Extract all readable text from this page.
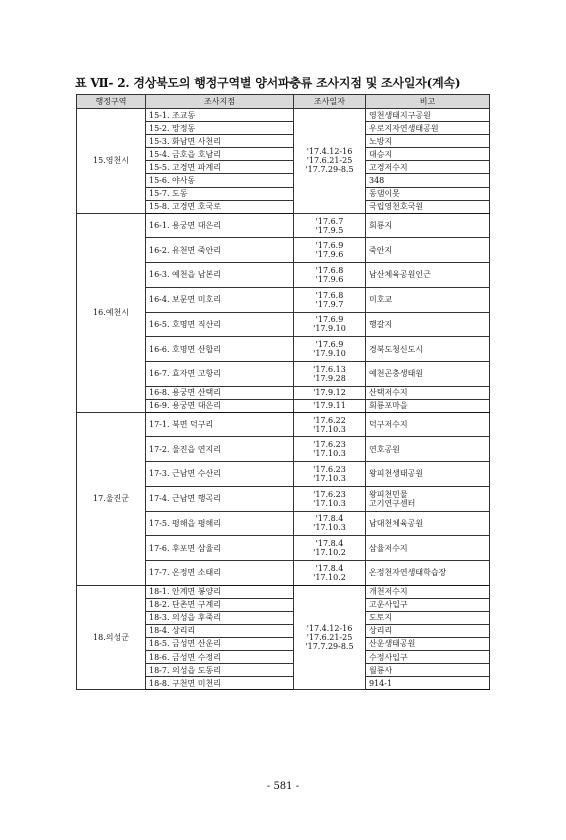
표 Ⅶ- 2. 경상북도의 행정구역별 양서파충류 조사지점 및 조사일자(계속)
행정구역	조사지점	조사일자	비고
15.영천시	15-1. 조교동	'17.4.12-16
'17.6.21-25
'17.7.29-8.5	영천생태지구공원
	15-2. 망정동		우로지자연생태공원
	15-3. 화남면 사천리		노방지
	15-4. 금호읍 호남리		대승지
	15-5. 고경면 파계리		고경저수지
	15-6. 야사동		348
	15-7. 도동		동댐이못
	15-8. 고경면 호국로		국립영천호국원
16.예천시	16-1. 용궁면 대은리	'17.6.7
'17.9.5	회룡지
	16-2. 유천면 죽안리	'17.6.9
'17.9.6	죽안지
	16-3. 예천읍 남본리	'17.6.8
'17.9.6	남산체육공원인근
	16-4. 보문면 미호리	'17.6.8
'17.9.7	미호교
	16-5. 호명면 직산리	'17.6.9
'17.9.10	행갈지
	16-6. 호명면 산합리	'17.6.9
'17.9.10	경북도청신도시
	16-7. 효자면 고항리	'17.6.13
'17.9.28	예천곤충생태원
	16-8. 용궁면 산택리	'17.9.12	산택저수지
	16-9. 용궁면 대은리	'17.9.11	회룡포마을
17.울진군	17-1. 북면 덕구리	'17.6.22
'17.10.3	덕구저수지
	17-2. 울진읍 연지리	'17.6.23
'17.10.3	연호공원
	17-3. 근남면 수산리	'17.6.23
'17.10.3	왕피천생태공원
	17-4. 근남면 행곡리	'17.6.23
'17.10.3	왕피천민물
고기연구센터
	17-5. 평해읍 평해리	'17.8.4
'17.10.3	남대천체육공원
	17-6. 후포면 삼율리	'17.8.4
'17.10.2	삼율저수지
	17-7. 온정면 소태리	'17.8.4
'17.10.2	온정천자연생태학습장
18.의성군	18-1. 안계면 봉양리	'17.4.12-16
'17.6.21-25
'17.7.29-8.5	개천저수지
	18-2. 단촌면 구계리		고운사입구
	18-3. 의성읍 후죽리		도토지
	18-4. 상리리		상리리
	18-5. 금성면 산운리		산운생태공원
	18-6. 금성면 수정리		수정사입구
	18-7. 의성읍 도동리		월룡사
	18-8. 구천면 미천리		914-1
- 581 -
